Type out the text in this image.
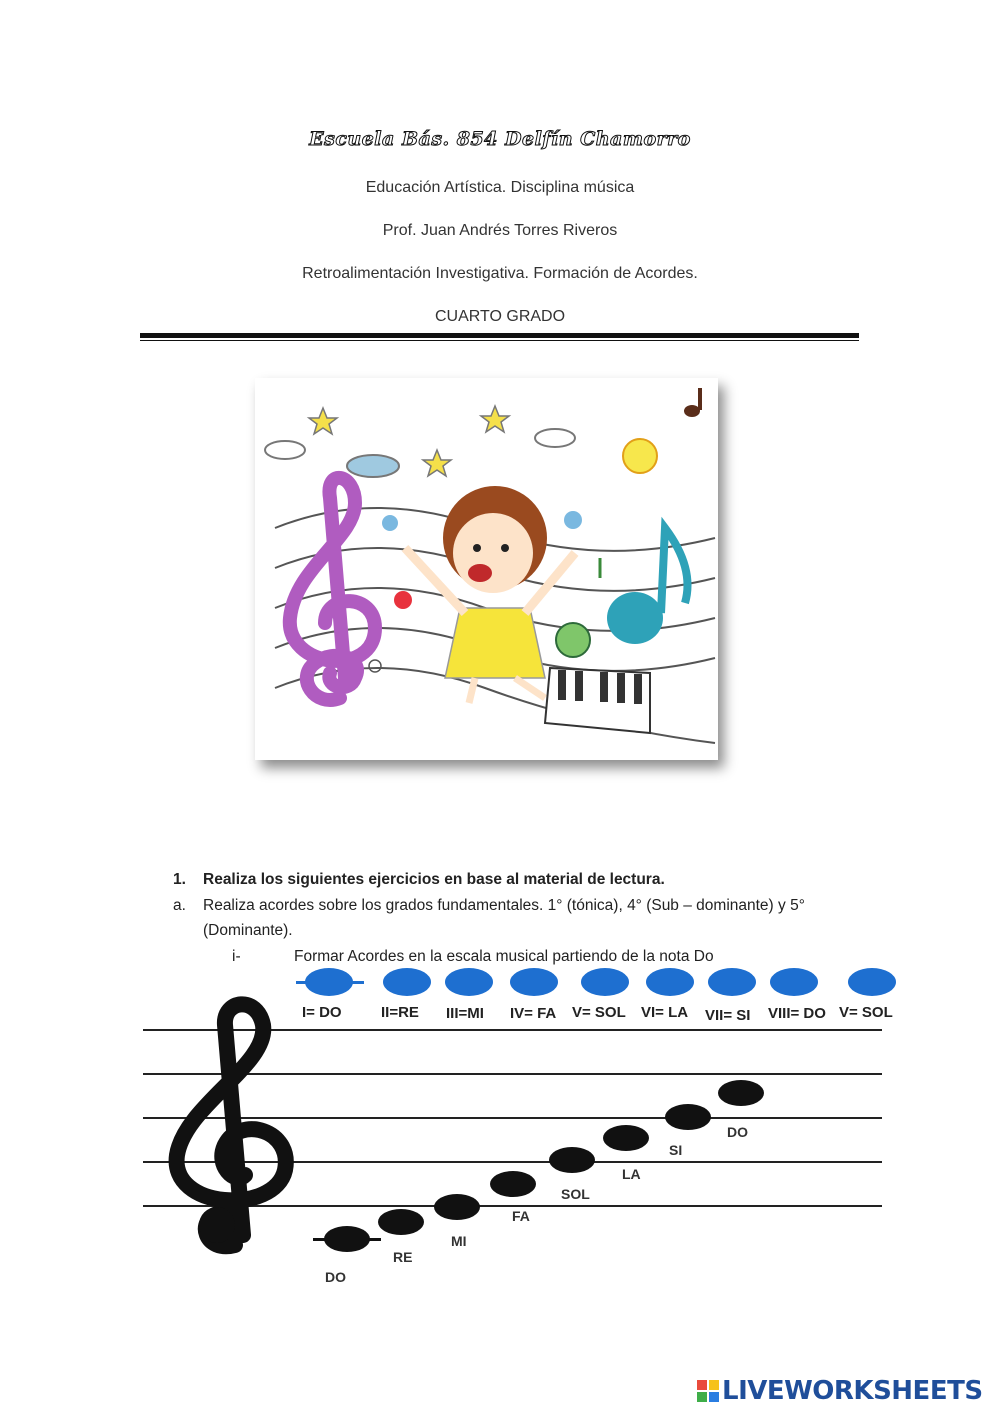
Escuela Bás. 854 Delfín Chamorro
Educación Artística. Disciplina música
Prof. Juan Andrés Torres Riveros
Retroalimentación Investigativa. Formación de Acordes.
CUARTO GRADO
1. Realiza los siguientes ejercicios en base al material de lectura.
a. Realiza acordes sobre los grados fundamentales. 1° (tónica), 4° (Sub – dominante) y 5°
(Dominante).
i-	Formar Acordes en la escala musical partiendo de la nota Do
I= DO	II=RE III=MI IV= FA V= SOL VI= LA VII= SI VIII= DO V= SOL
DO
RE
MI
FA
SOL
LA
SI
DO
LIVEWORKSHEETS
